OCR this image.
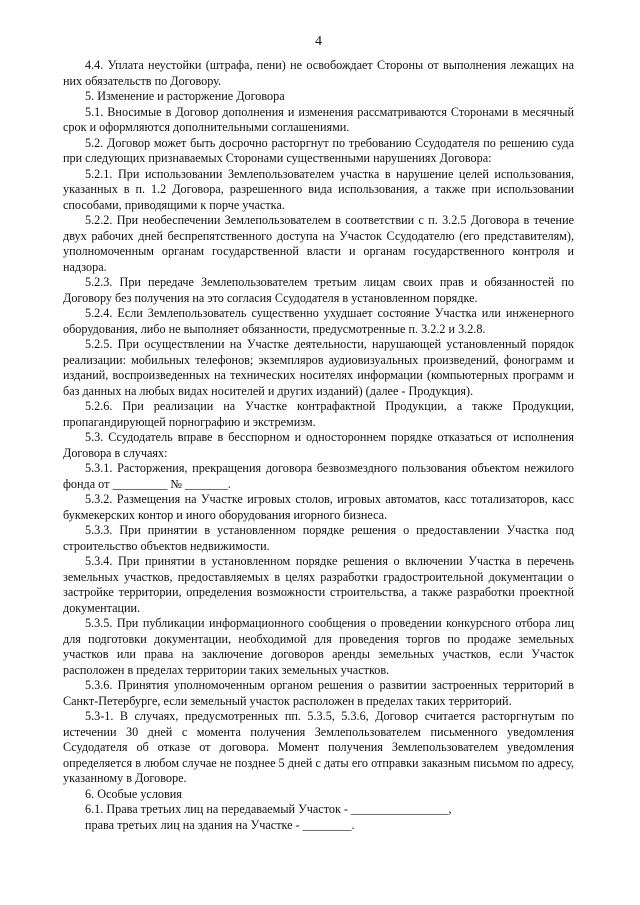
4

4.4. Уплата неустойки (штрафа, пени) не освобождает Стороны от выполнения лежащих на них обязательств по Договору.

5. Изменение и расторжение Договора

5.1. Вносимые в Договор дополнения и изменения рассматриваются Сторонами в месячный срок и оформляются дополнительными соглашениями.

5.2. Договор может быть досрочно расторгнут по требованию Ссудодателя по решению суда при следующих признаваемых Сторонами существенными нарушениях Договора:

5.2.1. При использовании Землепользователем участка в нарушение целей использования, указанных в п. 1.2 Договора, разрешенного вида использования, а также при использовании способами, приводящими к порче участка.

5.2.2. При необеспечении Землепользователем в соответствии с п. 3.2.5 Договора в течение двух рабочих дней беспрепятственного доступа на Участок Ссудодателю (его представителям), уполномоченным органам государственной власти и органам государственного контроля и надзора.

5.2.3. При передаче Землепользователем третьим лицам своих прав и обязанностей по Договору без получения на это согласия Ссудодателя в установленном порядке.

5.2.4. Если Землепользователь существенно ухудшает состояние Участка или инженерного оборудования, либо не выполняет обязанности, предусмотренные п. 3.2.2 и 3.2.8.

5.2.5. При осуществлении на Участке деятельности, нарушающей установленный порядок реализации: мобильных телефонов; экземпляров аудиовизуальных произведений, фонограмм и изданий, воспроизведенных на технических носителях информации (компьютерных программ и баз данных на любых видах носителей и других изданий) (далее - Продукция).

5.2.6. При реализации на Участке контрафактной Продукции, а также Продукции, пропагандирующей порнографию и экстремизм.

5.3. Ссудодатель вправе в бесспорном и одностороннем порядке отказаться от исполнения Договора в случаях:

5.3.1. Расторжения, прекращения договора безвозмездного пользования объектом нежилого фонда от _________ № _______.

5.3.2. Размещения на Участке игровых столов, игровых автоматов, касс тотализаторов, касс букмекерских контор и иного оборудования игорного бизнеса.

5.3.3. При принятии в установленном порядке решения о предоставлении Участка под строительство объектов недвижимости.

5.3.4. При принятии в установленном порядке решения о включении Участка в перечень земельных участков, предоставляемых в целях разработки градостроительной документации о застройке территории, определения возможности строительства, а также разработки проектной документации.

5.3.5. При публикации информационного сообщения о проведении конкурсного отбора лиц для подготовки документации, необходимой для проведения торгов по продаже земельных участков или права на заключение договоров аренды земельных участков, если Участок расположен в пределах территории таких земельных участков.

5.3.6. Принятия уполномоченным органом решения о развитии застроенных территорий в Санкт-Петербурге, если земельный участок расположен в пределах таких территорий.

5.3-1. В случаях, предусмотренных пп. 5.3.5, 5.3.6, Договор считается расторгнутым по истечении 30 дней с момента получения Землепользователем письменного уведомления Ссудодателя об отказе от договора. Момент получения Землепользователем уведомления определяется в любом случае не позднее 5 дней с даты его отправки заказным письмом по адресу, указанному в Договоре.

6. Особые условия

6.1. Права третьих лиц на передаваемый Участок - ________________,

права третьих лиц на здания на Участке - ________.
